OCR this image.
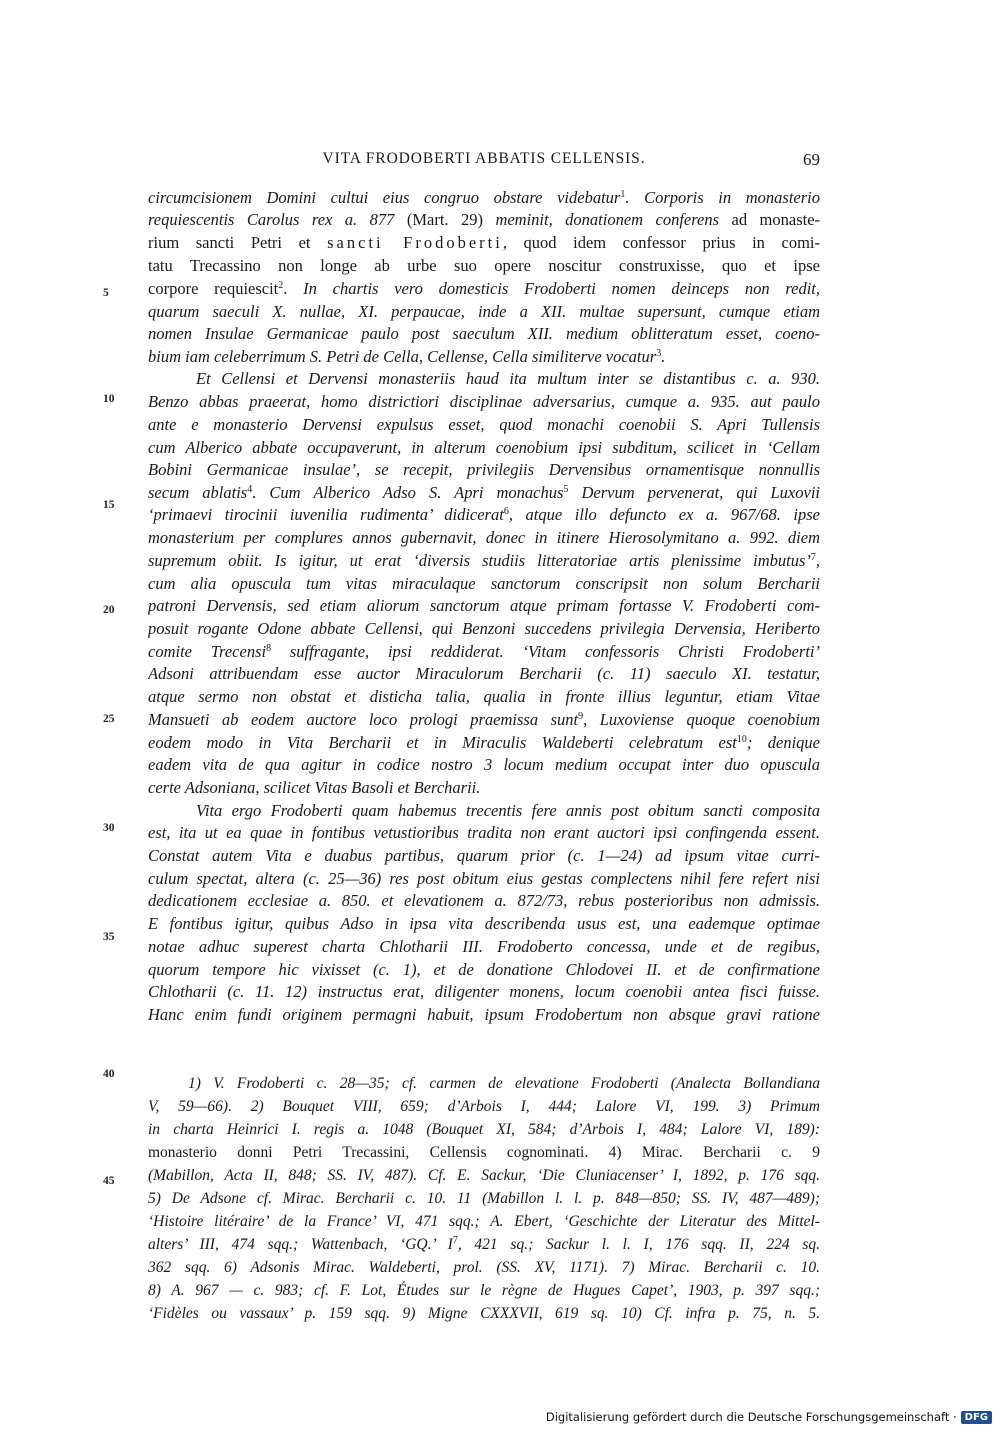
VITA FRODOBERTI ABBATIS CELLENSIS.	69
5
10
15
20
25
30
35
40
45
circumcisionem Domini cultui eius congruo obstare videbatur$^1$. Corporis in monasterio
requiescentis Carolus rex a. 877 (Mart. 29) meminit, donationem conferens ad monaste-
rium sancti Petri et sancti Frodoberti, quod idem confessor prius in comi-
tatu Trecassino non longe ab urbe suo opere noscitur construxisse, quo et ipse
corpore requiescit$^2$. In chartis vero domesticis Frodoberti nomen deinceps non redit,
quarum saeculi X. nullae, XI. perpaucae, inde a XII. multae supersunt, cumque etiam
nomen Insulae Germanicae paulo post saeculum XII. medium oblitteratum esset, coeno-
bium iam celeberrimum S. Petri de Cella, Cellense, Cella similiterve vocatur$^3$.
Et Cellensi et Dervensi monasteriis haud ita multum inter se distantibus c. a. 930.
Benzo abbas praeerat, homo districtiori disciplinae adversarius, cumque a. 935. aut paulo
ante e monasterio Dervensi expulsus esset, quod monachi coenobii S. Apri Tullensis
cum Alberico abbate occupaverunt, in alterum coenobium ipsi subditum, scilicet in ‘Cellam
Bobini Germanicae insulae’, se recepit, privilegiis Dervensibus ornamentisque nonnullis
secum ablatis$^4$. Cum Alberico Adso S. Apri monachus$^5$ Dervum pervenerat, qui Luxovii
‘primaevi tirocinii iuvenilia rudimenta’ didicerat$^6$, atque illo defuncto ex a. 967/68. ipse
monasterium per complures annos gubernavit, donec in itinere Hierosolymitano a. 992. diem
supremum obiit. Is igitur, ut erat ‘diversis studiis litteratoriae artis plenissime imbutus’$^7$,
cum alia opuscula tum vitas miraculaque sanctorum conscripsit non solum Bercharii
patroni Dervensis, sed etiam aliorum sanctorum atque primam fortasse V. Frodoberti com-
posuit rogante Odone abbate Cellensi, qui Benzoni succedens privilegia Dervensia, Heriberto
comite Trecensi$^8$ suffragante, ipsi reddiderat. ‘Vitam confessoris Christi Frodoberti’
Adsoni attribuendam esse auctor Miraculorum Bercharii (c. 11) saeculo XI. testatur,
atque sermo non obstat et disticha talia, qualia in fronte illius leguntur, etiam Vitae
Mansueti ab eodem auctore loco prologi praemissa sunt$^9$, Luxoviense quoque coenobium
eodem modo in Vita Bercharii et in Miraculis Waldeberti celebratum est$^{10}$; denique
eadem vita de qua agitur in codice nostro 3 locum medium occupat inter duo opuscula
certe Adsoniana, scilicet Vitas Basoli et Bercharii.
Vita ergo Frodoberti quam habemus trecentis fere annis post obitum sancti composita
est, ita ut ea quae in fontibus vetustioribus tradita non erant auctori ipsi confingenda essent.
Constat autem Vita e duabus partibus, quarum prior (c. 1—24) ad ipsum vitae curri-
culum spectat, altera (c. 25—36) res post obitum eius gestas complectens nihil fere refert nisi
dedicationem ecclesiae a. 850. et elevationem a. 872/73, rebus posterioribus non admissis.
E fontibus igitur, quibus Adso in ipsa vita describenda usus est, una eademque optimae
notae adhuc superest charta Chlotharii III. Frodoberto concessa, unde et de regibus,
quorum tempore hic vixisset (c. 1), et de donatione Chlodovei II. et de confirmatione
Chlotharii (c. 11. 12) instructus erat, diligenter monens, locum coenobii antea fisci fuisse.
Hanc enim fundi originem permagni habuit, ipsum Frodobertum non absque gravi ratione
1) V. Frodoberti c. 28—35; cf. carmen de elevatione Frodoberti (Analecta Bollandiana
V, 59—66). 2) Bouquet VIII, 659; d’Arbois I, 444; Lalore VI, 199. 3) Primum
in charta Heinrici I. regis a. 1048 (Bouquet XI, 584; d’Arbois I, 484; Lalore VI, 189):
monasterio donni Petri Trecassini, Cellensis cognominati. 4) Mirac. Bercharii c. 9
(Mabillon, Acta II, 848; SS. IV, 487). Cf. E. Sackur, ‘Die Cluniacenser’ I, 1892, p. 176 sqq.
5) De Adsone cf. Mirac. Bercharii c. 10. 11 (Mabillon l. l. p. 848—850; SS. IV, 487—489);
‘Histoire litéraire’ de la France’ VI, 471 sqq.; A. Ebert, ‘Geschichte der Literatur des Mittel-
alters’ III, 474 sqq.; Wattenbach, ‘GQ.’ $I^7$, 421 sq.; Sackur l. l. I, 176 sqq. II, 224 sq.
362 sqq. 6) Adsonis Mirac. Waldeberti, prol. (SS. XV, 1171). 7) Mirac. Bercharii c. 10.
8) A. 967 — c. 983; cf. F. Lot, Études sur le règne de Hugues Capet’, 1903, p. 397 sqq.;
‘Fidèles ou vassaux’ p. 159 sqq. 9) Migne CXXXVII, 619 sq. 10) Cf. infra p. 75, n. 5.
Digitalisierung gefördert durch die Deutsche Forschungsgemeinschaft · DFG
